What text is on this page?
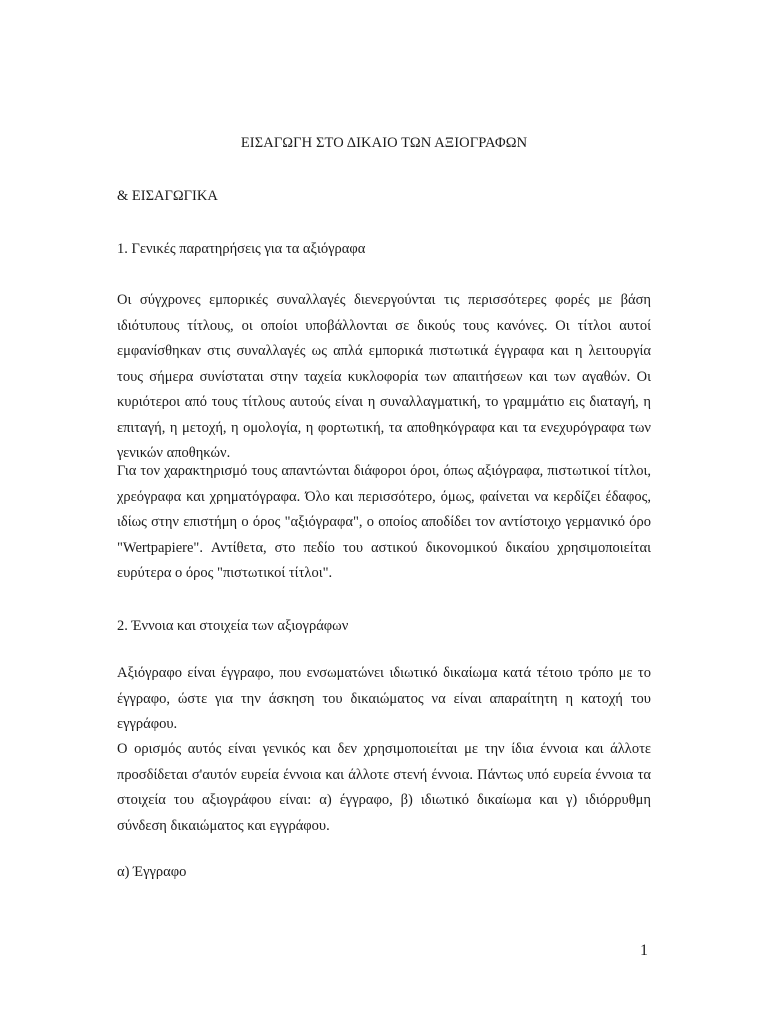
ΕΙΣΑΓΩΓΗ ΣΤΟ ΔΙΚΑΙΟ ΤΩΝ ΑΞΙΟΓΡΑΦΩΝ
& ΕΙΣΑΓΩΓΙΚΑ
1. Γενικές παρατηρήσεις για τα αξιόγραφα
Οι σύγχρονες εμπορικές συναλλαγές διενεργούνται τις περισσότερες φορές με βάση ιδιότυπους τίτλους, οι οποίοι υποβάλλονται σε δικούς τους κανόνες. Οι τίτλοι αυτοί εμφανίσθηκαν στις συναλλαγές ως απλά εμπορικά πιστωτικά έγγραφα και η λειτουργία τους σήμερα συνίσταται στην ταχεία κυκλοφορία των απαιτήσεων και των αγαθών. Οι κυριότεροι από τους τίτλους αυτούς είναι η συναλλαγματική, το γραμμάτιο εις διαταγή, η επιταγή, η μετοχή, η ομολογία, η φορτωτική, τα αποθηκόγραφα και τα ενεχυρόγραφα των γενικών αποθηκών.
Για τον χαρακτηρισμό τους απαντώνται διάφοροι όροι, όπως αξιόγραφα, πιστωτικοί τίτλοι, χρεόγραφα και χρηματόγραφα. Όλο και περισσότερο, όμως, φαίνεται να κερδίζει έδαφος, ιδίως στην επιστήμη ο όρος "αξιόγραφα", ο οποίος αποδίδει τον αντίστοιχο γερμανικό όρο "Wertpapiere". Αντίθετα, στο πεδίο του αστικού δικονομικού δικαίου χρησιμοποιείται ευρύτερα ο όρος "πιστωτικοί τίτλοι".
2. Έννοια και στοιχεία των αξιογράφων
Αξιόγραφο είναι έγγραφο, που ενσωματώνει ιδιωτικό δικαίωμα κατά τέτοιο τρόπο με το έγγραφο, ώστε για την άσκηση του δικαιώματος να είναι απαραίτητη η κατοχή του εγγράφου.
Ο ορισμός αυτός είναι γενικός και δεν χρησιμοποιείται με την ίδια έννοια και άλλοτε προσδίδεται σ'αυτόν ευρεία έννοια και άλλοτε στενή έννοια. Πάντως υπό ευρεία έννοια τα στοιχεία του αξιογράφου είναι: α) έγγραφο, β) ιδιωτικό δικαίωμα και γ) ιδιόρρυθμη σύνδεση δικαιώματος και εγγράφου.
α) Έγγραφο
1
